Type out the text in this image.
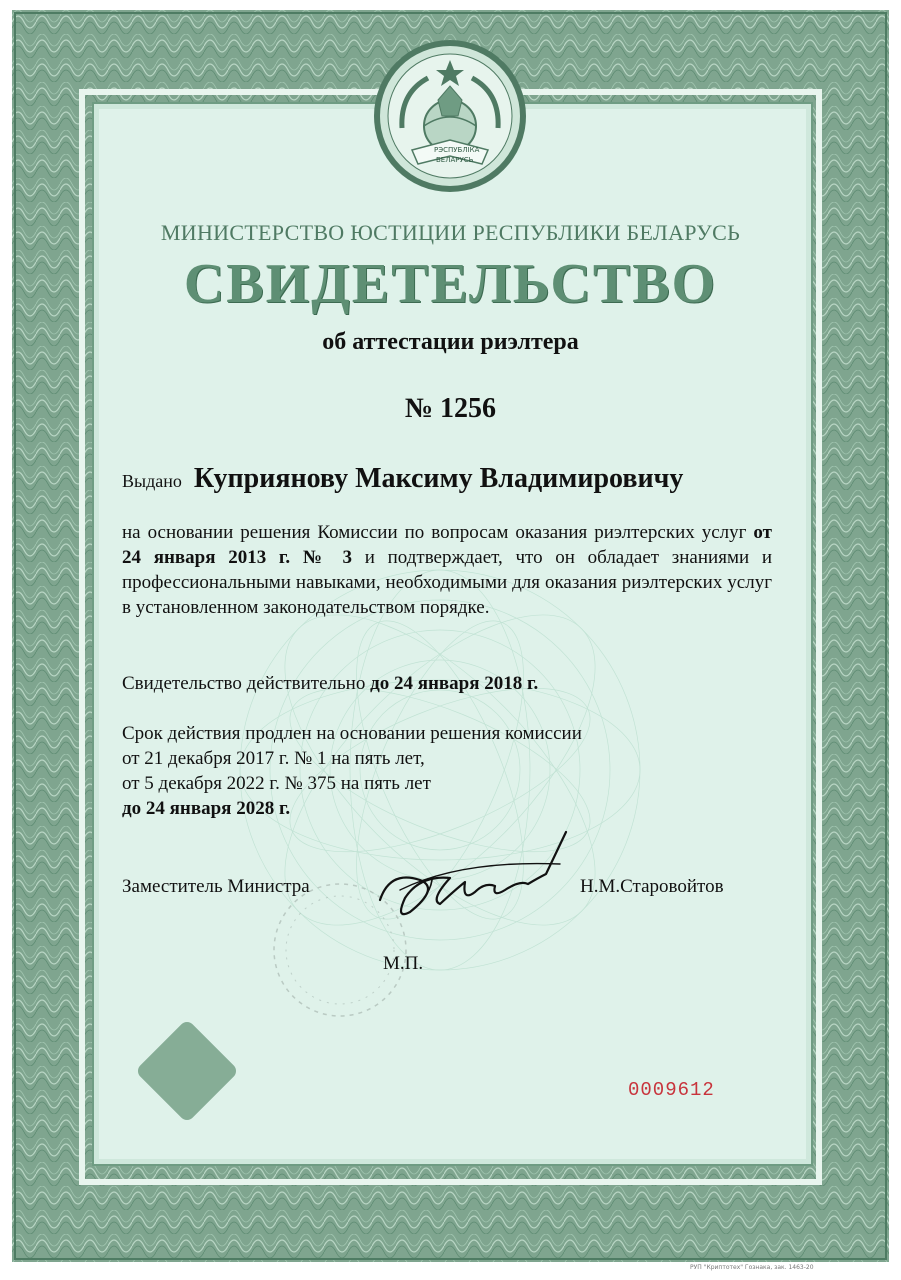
РЭСПУБЛІКА
БЕЛАРУСЬ
МИНИСТЕРСТВО ЮСТИЦИИ РЕСПУБЛИКИ БЕЛАРУСЬ
СВИДЕТЕЛЬСТВО
об аттестации риэлтера
№ 1256
Выдано Куприянову Максиму Владимировичу
на основании решения Комиссии по вопросам оказания риэлтерских услуг от 24 января 2013 г. № 3 и подтверждает, что он обладает знаниями и профессиональными навыками, необходимыми для оказания риэлтерских услуг в установленном законодательством порядке.
Свидетельство действительно до 24 января 2018 г.
Срок действия продлен на основании решения комиссии
от 21 декабря 2017 г. № 1 на пять лет,
от 5 декабря 2022 г. № 375 на пять лет
до 24 января 2028 г.
Заместитель Министра	Н.М.Старовойтов
М.П.
0009612
РУП "Криптотех" Гознака, зак. 1463-20
